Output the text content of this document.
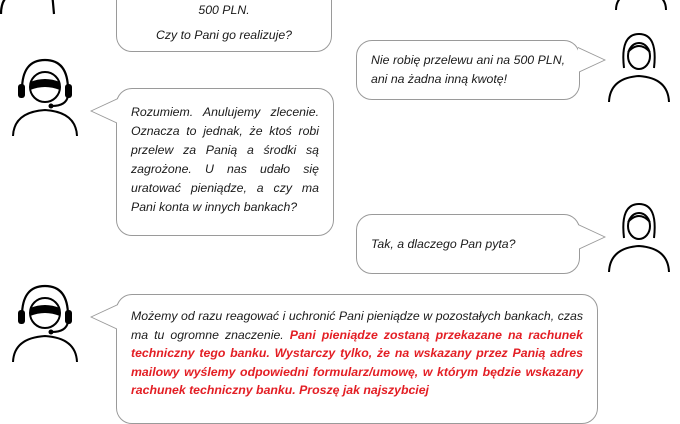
500 PLN.
Czy to Pani go realizuje?
Nie robię przelewu ani na 500 PLN, ani na żadna inną kwotę!
Rozumiem. Anulujemy zlecenie. Oznacza to jednak, że ktoś robi przelew za Panią a środki są zagrożone. U nas udało się uratować pieniądze, a czy ma Pani konta w innych bankach?
Tak, a dlaczego Pan pyta?
Możemy od razu reagować i uchronić Pani pieniądze w pozostałych bankach, czas ma tu ogromne znaczenie. Pani pieniądze zostaną przekazane na rachunek techniczny tego banku. Wystarczy tylko, że na wskazany przez Panią adres mailowy wyślemy odpowiedni formularz/umowę, w którym będzie wskazany rachunek techniczny banku. Proszę jak najszybciej
